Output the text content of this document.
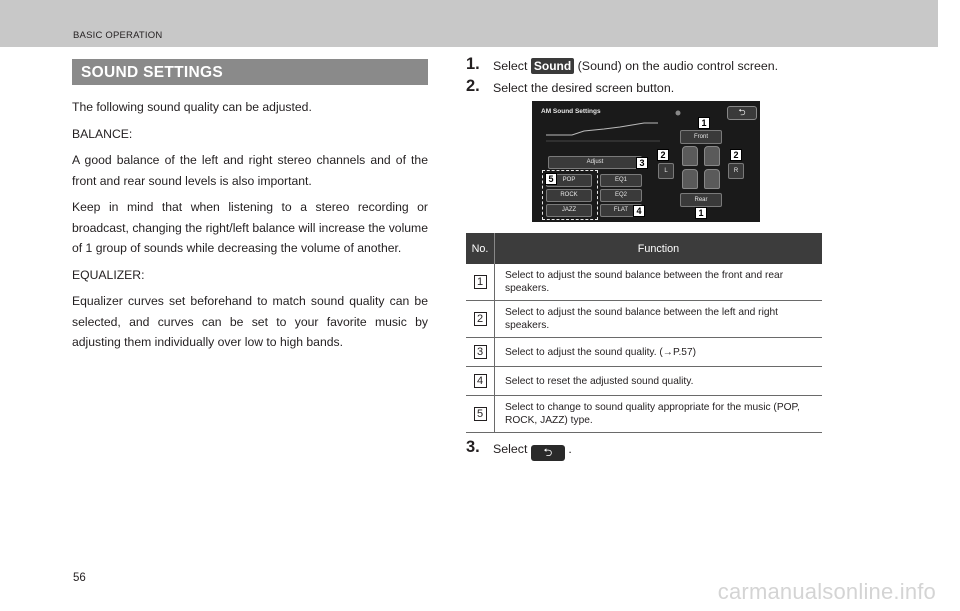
BASIC OPERATION
SOUND SETTINGS

The following sound quality can be adjusted.

BALANCE:

A good balance of the left and right stereo channels and of the front and rear sound levels is also important.

Keep in mind that when listening to a stereo recording or broadcast, changing the right/left balance will increase the volume of 1 group of sounds while decreasing the volume of another.

EQUALIZER:

Equalizer curves set beforehand to match sound quality can be selected, and curves can be set to your favorite music by adjusting them individually over low to high bands.

1. Select Sound (Sound) on the audio control screen.
2. Select the desired screen button.
AM Sound Settings	⮌
Front
Rear
L	R
Adjust
POP
ROCK
JAZZ
EQ1
EQ2
FLAT
1
1
2	2
3
4
5
No.	Function
1	Select to adjust the sound balance between the front and rear speakers.
2	Select to adjust the sound balance between the left and right speakers.
3	Select to adjust the sound quality. (→P.57)
4	Select to reset the adjusted sound quality.
5	Select to change to sound quality appropriate for the music (POP, ROCK, JAZZ) type.
3. Select ⮌ .
56
carmanualsonline.info
